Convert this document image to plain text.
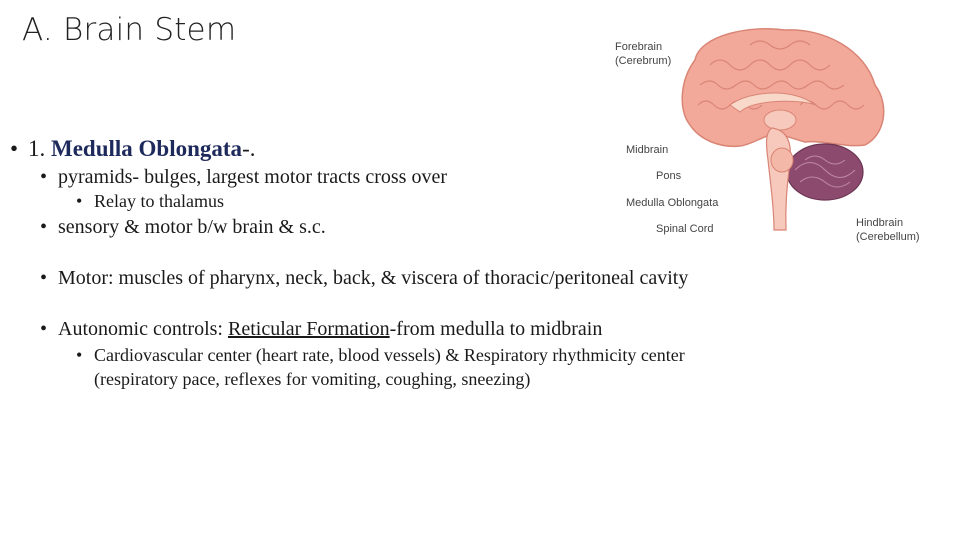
A. Brain Stem
• 1. Medulla Oblongata-.
• pyramids- bulges, largest motor tracts cross over
• Relay to thalamus
• sensory & motor b/w brain & s.c.
• Motor: muscles of pharynx, neck, back, & viscera of thoracic/peritoneal cavity
• Autonomic controls: Reticular Formation-from medulla to midbrain
• Cardiovascular center (heart rate, blood vessels) & Respiratory rhythmicity center
(respiratory pace, reflexes for vomiting, coughing, sneezing)
Forebrain
(Cerebrum)
Midbrain
Pons
Medulla Oblongata
Spinal Cord	Hindbrain
(Cerebellum)
